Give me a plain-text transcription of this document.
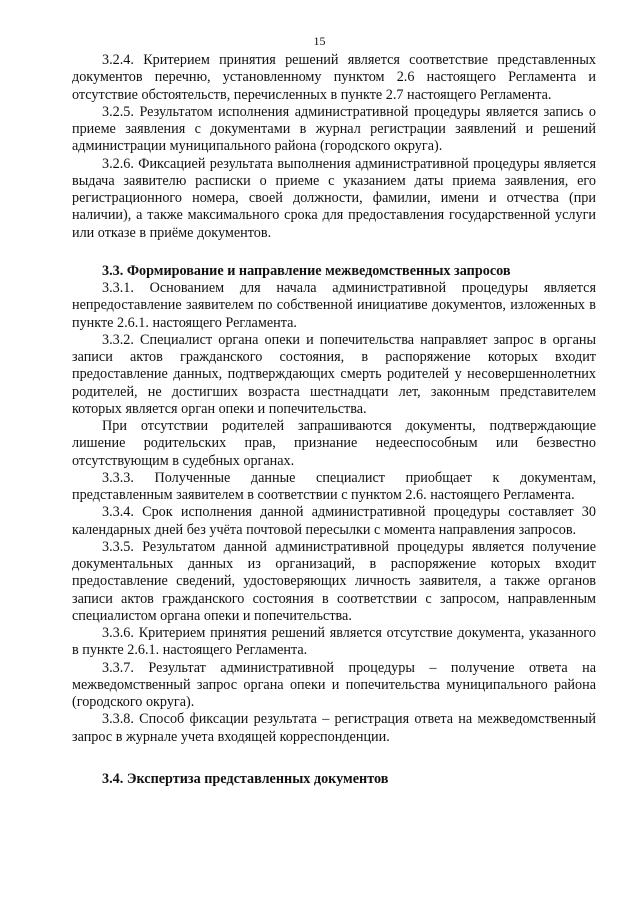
15

3.2.4. Критерием принятия решений является соответствие представленных документов перечню, установленному пунктом 2.6 настоящего Регламента и отсутствие обстоятельств, перечисленных в пункте 2.7 настоящего Регламента.

3.2.5. Результатом исполнения административной процедуры является запись о приеме заявления с документами в журнал регистрации заявлений и решений администрации муниципального района (городского округа).

3.2.6. Фиксацией результата выполнения административной процедуры является выдача заявителю расписки о приеме с указанием даты приема заявления, его регистрационного номера, своей должности, фамилии, имени и отчества (при наличии), а также максимального срока для предоставления государственной услуги или отказе в приёме документов.

3.3. Формирование и направление межведомственных запросов

3.3.1. Основанием для начала административной процедуры является непредоставление заявителем по собственной инициативе документов, изложенных в пункте 2.6.1. настоящего Регламента.

3.3.2. Специалист органа опеки и попечительства направляет запрос в органы записи актов гражданского состояния, в распоряжение которых входит предоставление данных, подтверждающих смерть родителей у несовершеннолетних родителей, не достигших возраста шестнадцати лет, законным представителем которых является орган опеки и попечительства.

При отсутствии родителей запрашиваются документы, подтверждающие лишение родительских прав, признание недееспособным или безвестно отсутствующим в судебных органах.

3.3.3. Полученные данные специалист приобщает к документам, представленным заявителем в соответствии с пунктом 2.6. настоящего Регламента.

3.3.4. Срок исполнения данной административной процедуры составляет 30 календарных дней без учёта почтовой пересылки с момента направления запросов.

3.3.5. Результатом данной административной процедуры является получение документальных данных из организаций, в распоряжение которых входит предоставление сведений, удостоверяющих личность заявителя, а также органов записи актов гражданского состояния в соответствии с запросом, направленным специалистом органа опеки и попечительства.

3.3.6. Критерием принятия решений является отсутствие документа, указанного в пункте 2.6.1. настоящего Регламента.

3.3.7. Результат административной процедуры – получение ответа на межведомственный запрос органа опеки и попечительства муниципального района (городского округа).

3.3.8. Способ фиксации результата – регистрация ответа на межведомственный запрос в журнале учета входящей корреспонденции.

3.4. Экспертиза представленных документов
